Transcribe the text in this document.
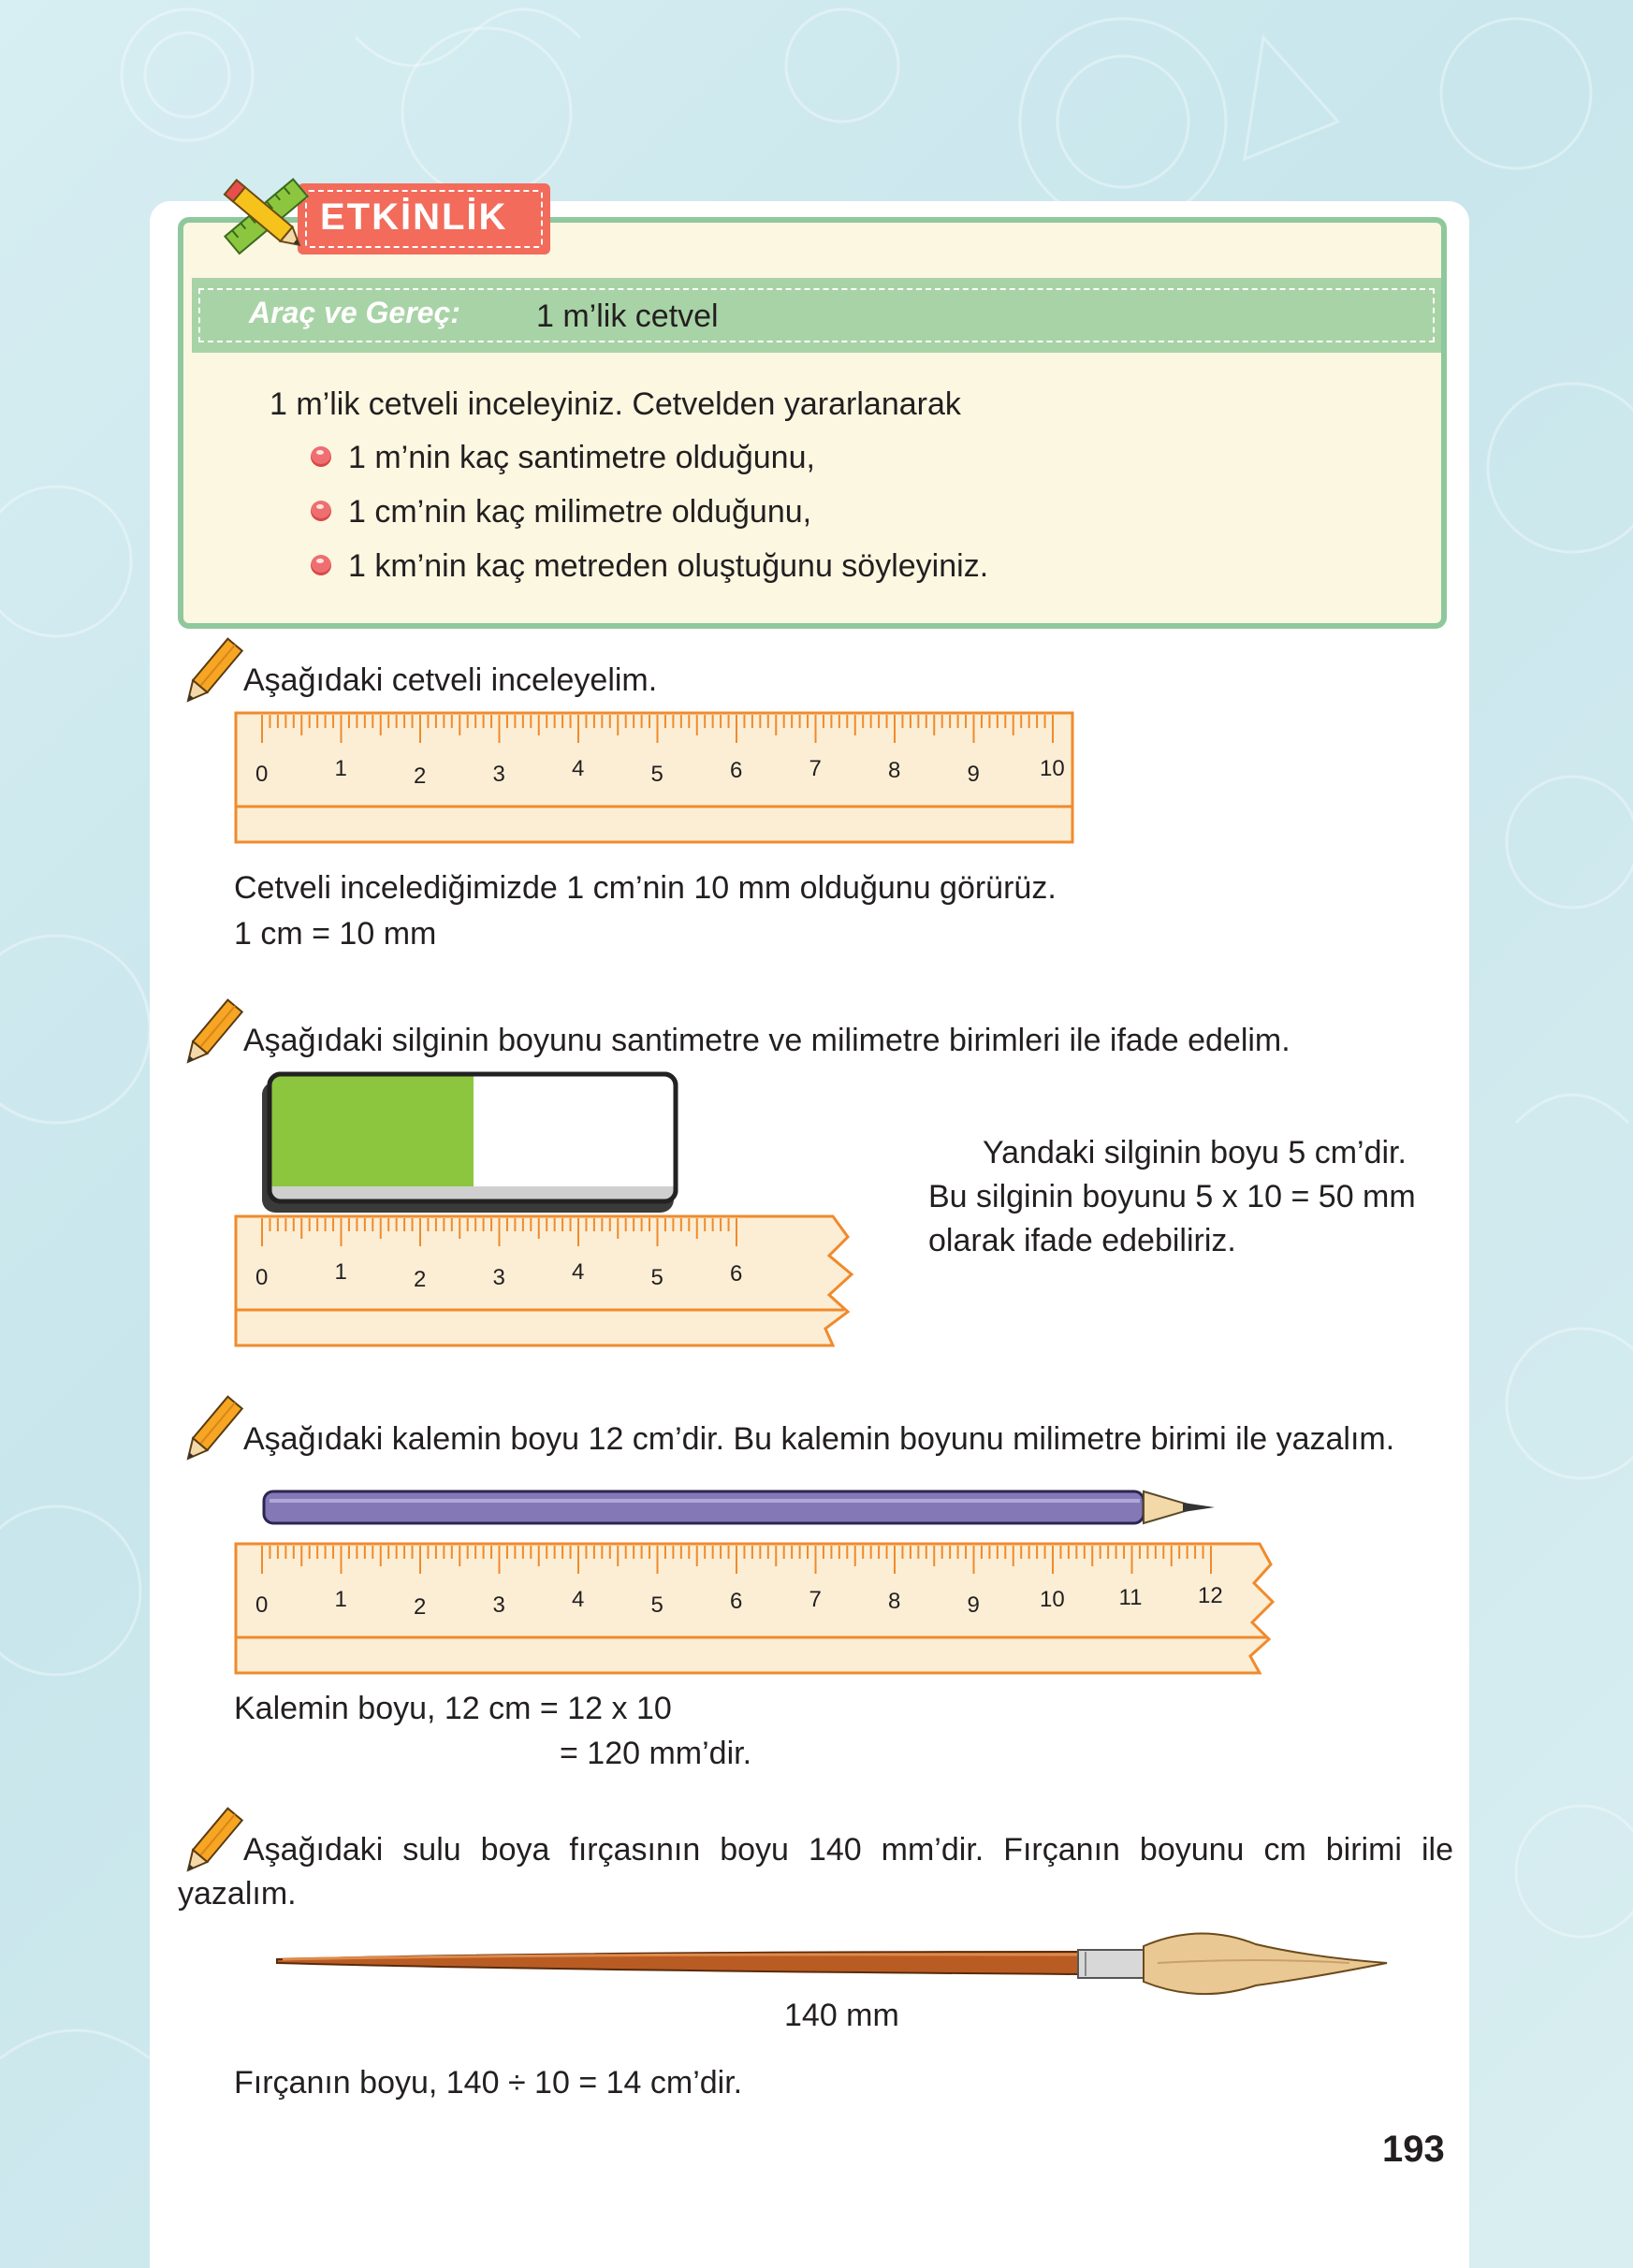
Araç ve Gereç: 1 m’lik cetvel
ETKİNLİK
1 m’lik cetveli inceleyiniz. Cetvelden yararlanarak
1 m’nin kaç santimetre olduğunu,
1 cm’nin kaç milimetre olduğunu,
1 km’nin kaç metreden oluştuğunu söyleyiniz.
Aşağıdaki cetveli inceleyelim.
Cetveli incelediğimizde 1 cm’nin 10 mm olduğunu görürüz.
1 cm = 10 mm
Aşağıdaki silginin boyunu santimetre ve milimetre birimleri ile ifade edelim.
Yandaki silginin boyu 5 cm’dir.
Bu silginin boyunu 5 x 10 = 50 mm
olarak ifade edebiliriz.
Aşağıdaki kalemin boyu 12 cm’dir. Bu kalemin boyunu milimetre birimi ile yazalım.
Kalemin boyu, 12 cm = 12 x 10
= 120 mm’dir.
Aşağıdaki sulu boya fırçasının boyu 140 mm’dir. Fırçanın boyunu cm birimi ile
yazalım.
140 mm
Fırçanın boyu, 140 ÷ 10 = 14 cm’dir.
193
0	1	2	3	4	5	6	7	8	9	10
0	1	2	3	4	5	6
0	1	2	3	4	5	6	7	8	9	10 11 12
